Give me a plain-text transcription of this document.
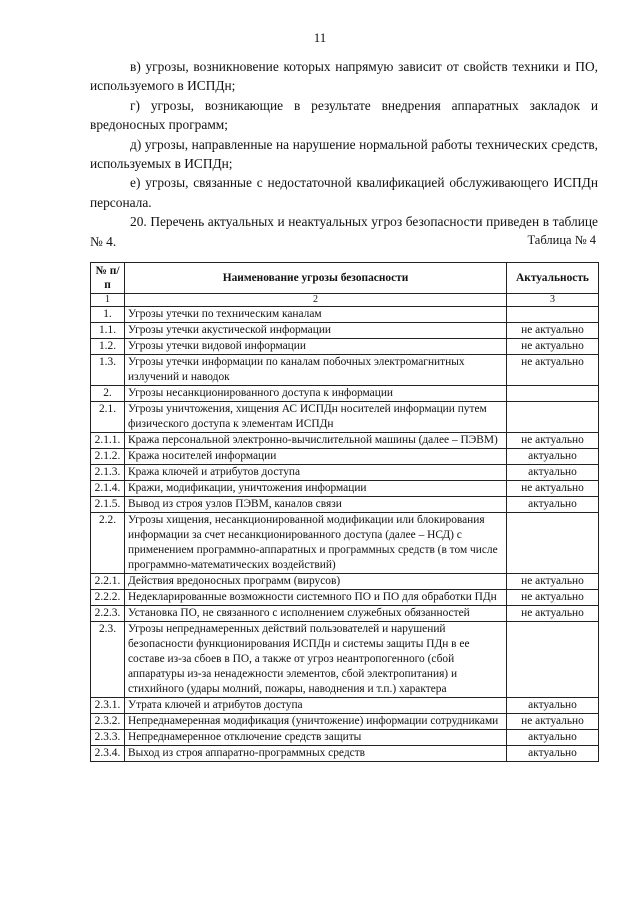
11

в) угрозы, возникновение которых напрямую зависит от свойств техники и ПО, используемого в ИСПДн;

г) угрозы, возникающие в результате внедрения аппаратных закладок и вредоносных программ;

д) угрозы, направленные на нарушение нормальной работы технических средств, используемых в ИСПДн;

е) угрозы, связанные с недостаточной квалификацией обслуживающего ИСПДн персонала.

20. Перечень актуальных и неактуальных угроз безопасности приведен в таблице № 4.	Таблица № 4
№ п/п	Наименование угрозы безопасности	Актуальность
1	2	3
1.	Угрозы утечки по техническим каналам	
1.1.	Угрозы утечки акустической информации	не актуально
1.2.	Угрозы утечки видовой информации	не актуально
1.3.	Угрозы утечки информации по каналам побочных электромагнитных излучений и наводок	не актуально
2.	Угрозы несанкционированного доступа к информации	
2.1.	Угрозы уничтожения, хищения АС ИСПДн носителей информации путем физического доступа к элементам ИСПДн	
2.1.1.	Кража персональной электронно-вычислительной машины (далее – ПЭВМ)	не актуально
2.1.2.	Кража носителей информации	актуально
2.1.3.	Кража ключей и атрибутов доступа	актуально
2.1.4.	Кражи, модификации, уничтожения информации	не актуально
2.1.5.	Вывод из строя узлов ПЭВМ, каналов связи	актуально
2.2.	Угрозы хищения, несанкционированной модификации или блокирования информации за счет несанкционированного доступа (далее – НСД) с применением программно-аппаратных и программных средств (в том числе программно-математических воздействий)	
2.2.1.	Действия вредоносных программ (вирусов)	не актуально
2.2.2.	Недекларированные возможности системного ПО и ПО для обработки ПДн	не актуально
2.2.3.	Установка ПО, не связанного с исполнением служебных обязанностей	не актуально
2.3.	Угрозы непреднамеренных действий пользователей и нарушений безопасности функционирования ИСПДн и системы защиты ПДн в ее составе из-за сбоев в ПО, а также от угроз неантропогенного (сбой аппаратуры из-за ненадежности элементов, сбой электропитания) и стихийного (удары молний, пожары, наводнения и т.п.) характера	
2.3.1.	Утрата ключей и атрибутов доступа	актуально
2.3.2.	Непреднамеренная модификация (уничтожение) информации сотрудниками	не актуально
2.3.3.	Непреднамеренное отключение средств защиты	актуально
2.3.4.	Выход из строя аппаратно-программных средств	актуально
